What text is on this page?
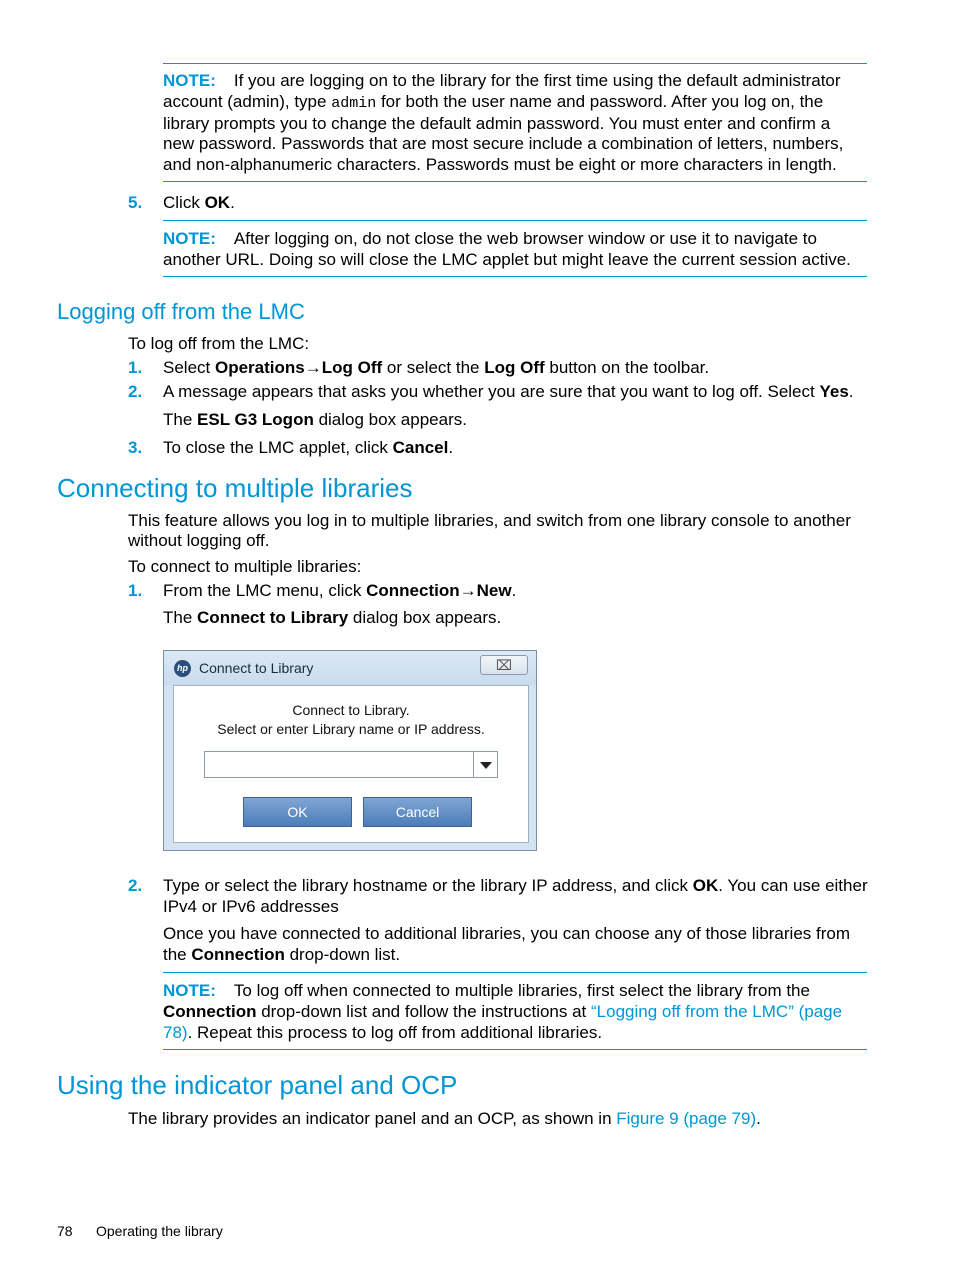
NOTE: If you are logging on to the library for the first time using the default administrator
account (admin), type admin for both the user name and password. After you log on, the
library prompts you to change the default admin password. You must enter and confirm a
new password. Passwords that are most secure include a combination of letters, numbers,
and non-alphanumeric characters. Passwords must be eight or more characters in length.
5. Click OK.
NOTE: After logging on, do not close the web browser window or use it to navigate to
another URL. Doing so will close the LMC applet but might leave the current session active.
Logging off from the LMC
To log off from the LMC:
1. Select Operations→Log Off or select the Log Off button on the toolbar.
2. A message appears that asks you whether you are sure that you want to log off. Select Yes.
The ESL G3 Logon dialog box appears.
3. To close the LMC applet, click Cancel.
Connecting to multiple libraries
This feature allows you log in to multiple libraries, and switch from one library console to another
without logging off.
To connect to multiple libraries:
1. From the LMC menu, click Connection→New.
The Connect to Library dialog box appears.
hp Connect to Library	⌧
Connect to Library.
Select or enter Library name or IP address.
OK	Cancel
2. Type or select the library hostname or the library IP address, and click OK. You can use either
IPv4 or IPv6 addresses
Once you have connected to additional libraries, you can choose any of those libraries from
the Connection drop-down list.
NOTE: To log off when connected to multiple libraries, first select the library from the
Connection drop-down list and follow the instructions at “Logging off from the LMC” (page
78). Repeat this process to log off from additional libraries.
Using the indicator panel and OCP
The library provides an indicator panel and an OCP, as shown in Figure 9 (page 79).
78 Operating the library
